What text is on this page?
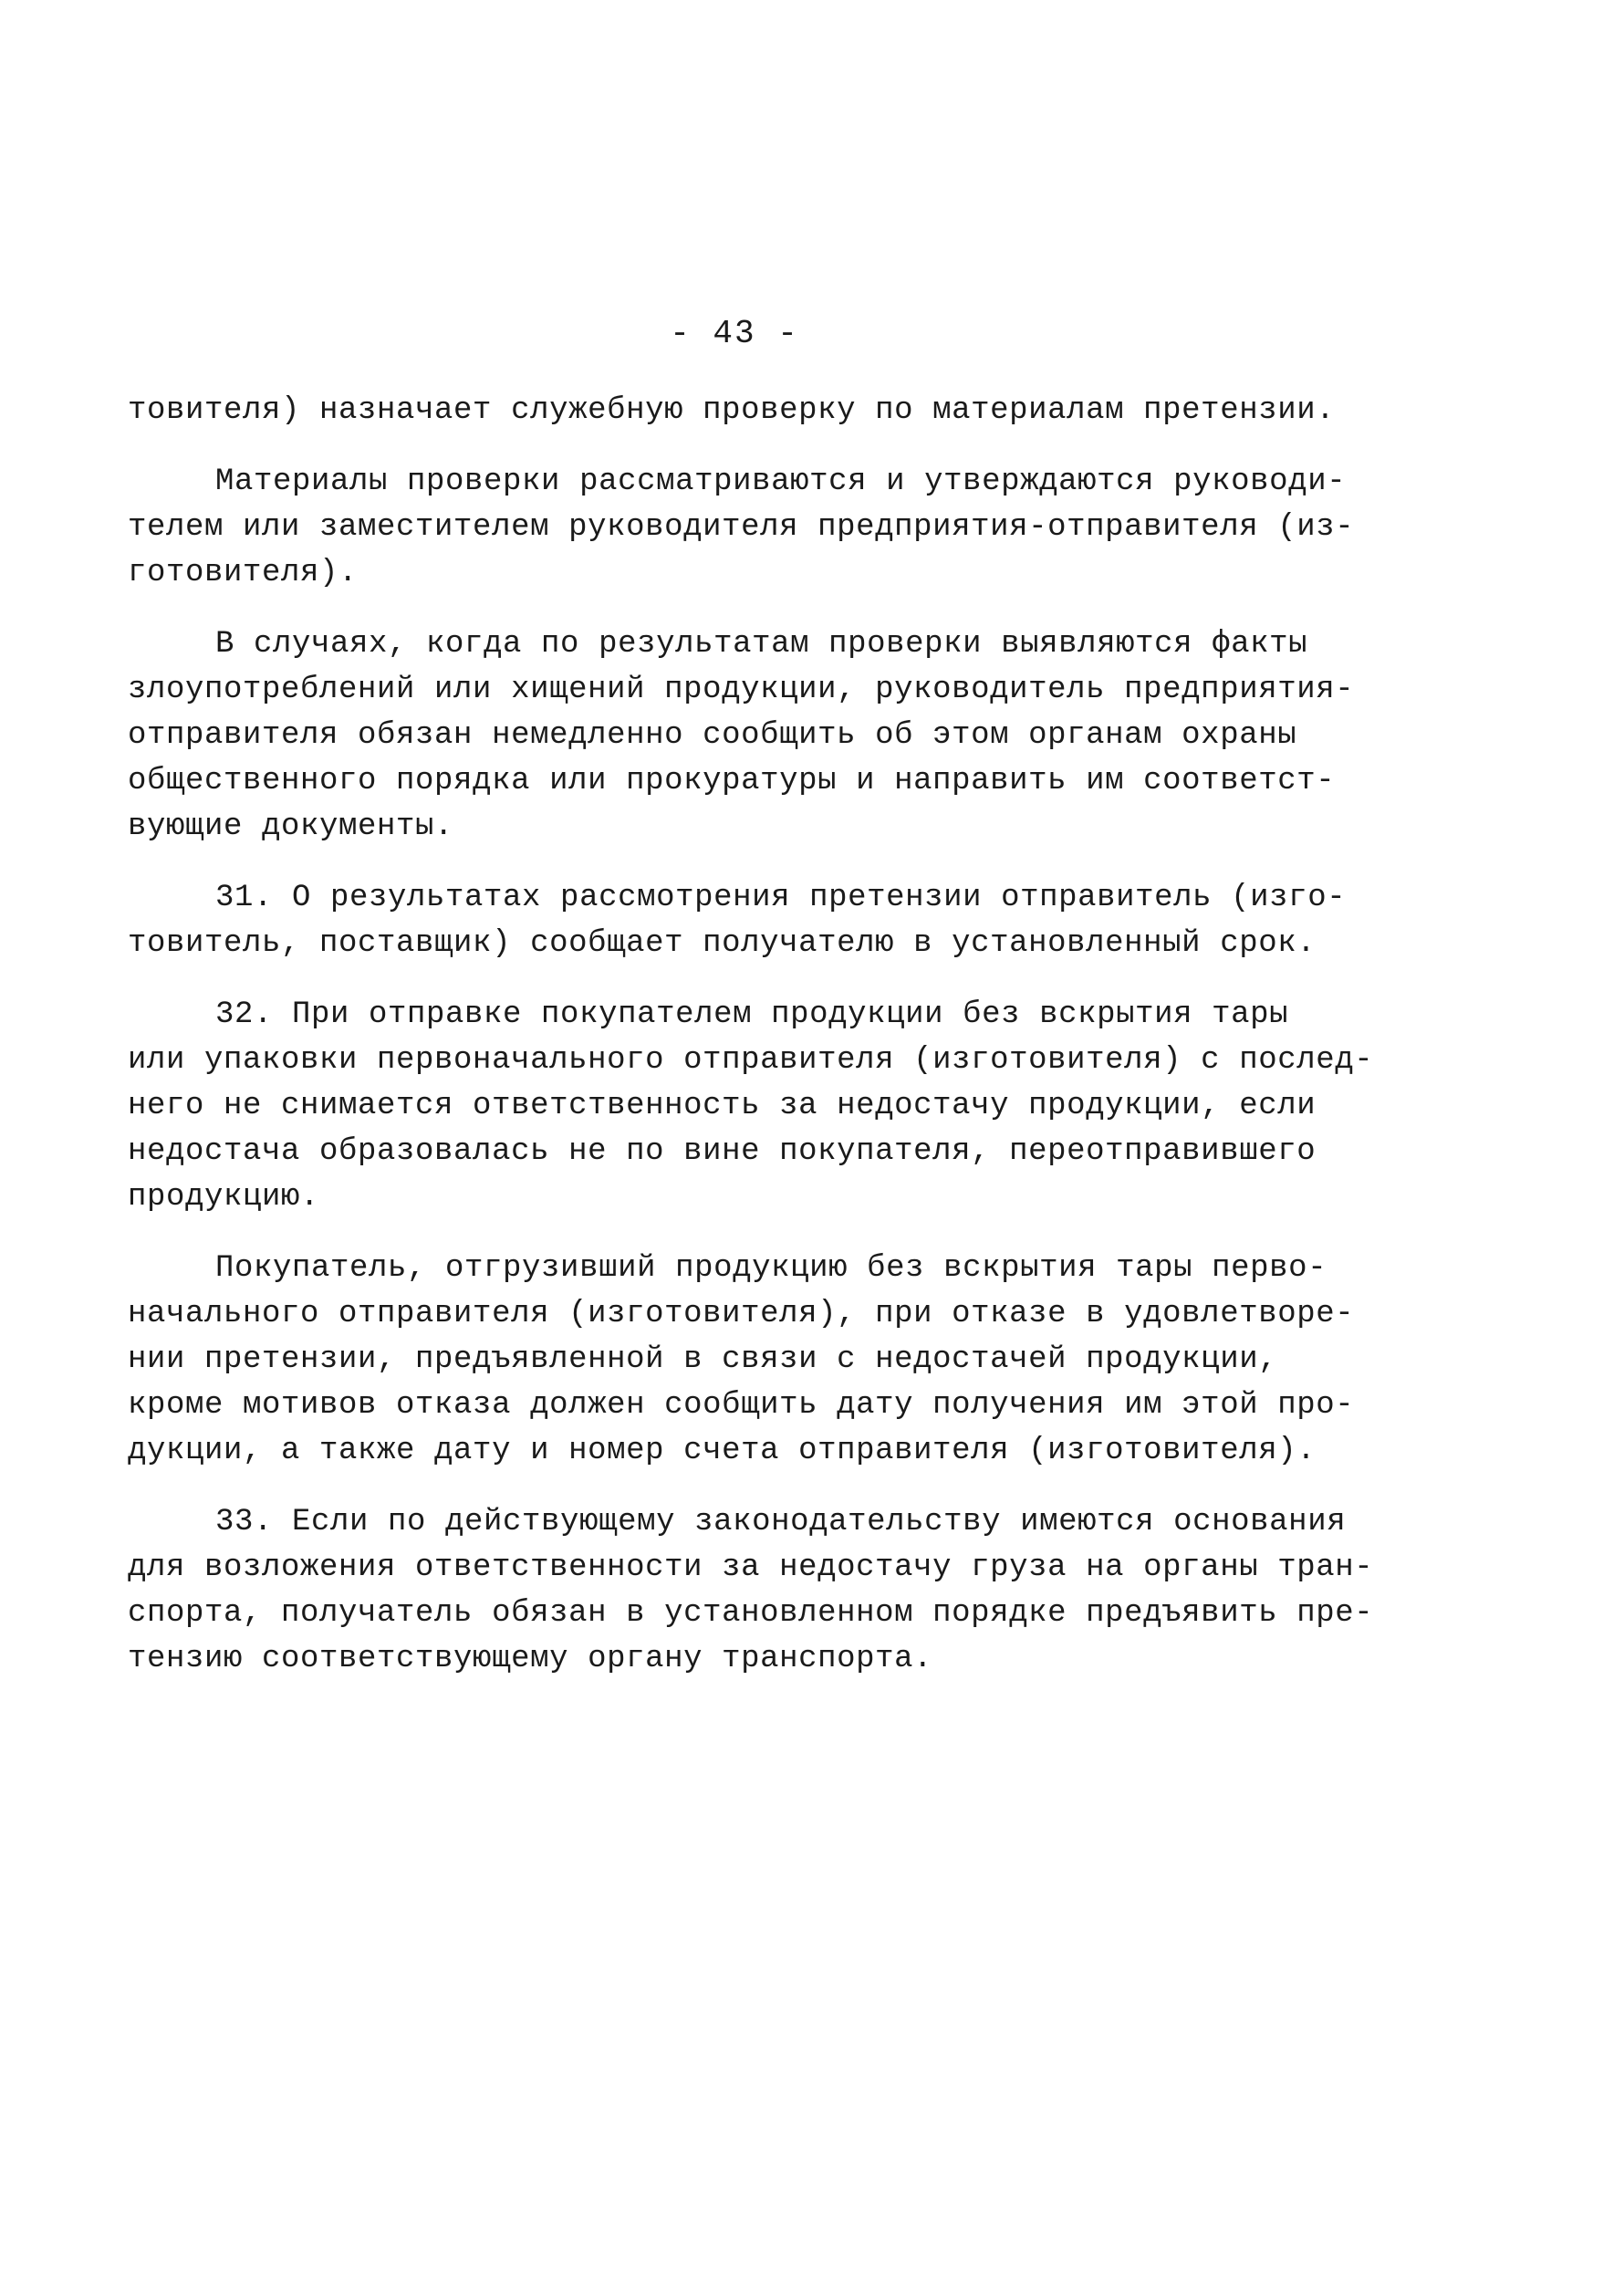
- 43 -
товителя) назначает служебную проверку по материалам претензии.
Материалы проверки рассматриваются и утверждаются руководи-
телем или заместителем руководителя предприятия-отправителя (из-
готовителя).
В случаях, когда по результатам проверки выявляются факты
злоупотреблений или хищений продукции, руководитель предприятия-
отправителя обязан немедленно сообщить об этом органам охраны
общественного порядка или прокуратуры и направить им соответст-
вующие документы.
31. О результатах рассмотрения претензии отправитель (изго-
товитель, поставщик) сообщает получателю в установленный срок.
32. При отправке покупателем продукции без вскрытия тары
или упаковки первоначального отправителя (изготовителя) с послед-
него не снимается ответственность за недостачу продукции, если
недостача образовалась не по вине покупателя, переотправившего
продукцию.
Покупатель, отгрузивший продукцию без вскрытия тары перво-
начального отправителя (изготовителя), при отказе в удовлетворе-
нии претензии, предъявленной в связи с недостачей продукции,
кроме мотивов отказа должен сообщить дату получения им этой про-
дукции, а также дату и номер счета отправителя (изготовителя).
33. Если по действующему законодательству имеются основания
для возложения ответственности за недостачу груза на органы тран-
спорта, получатель обязан в установленном порядке предъявить пре-
тензию соответствующему органу транспорта.
